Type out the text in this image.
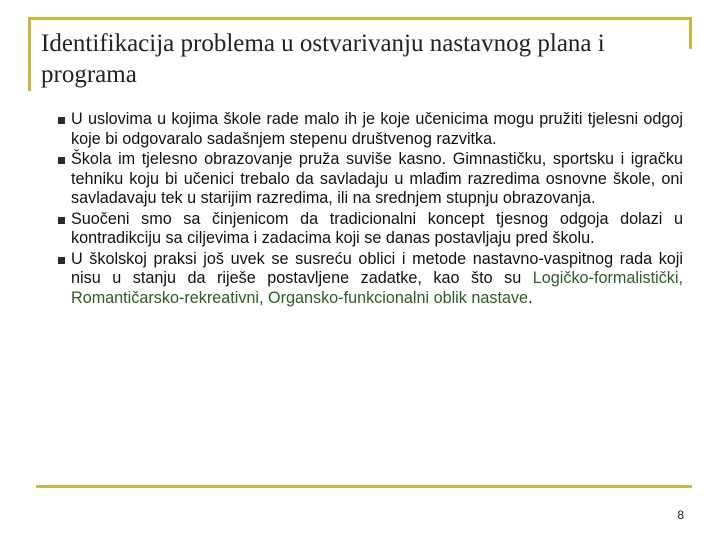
Identifikacija problema u ostvarivanju nastavnog plana i programa

U uslovima u kojima škole rade malo ih je koje učenicima mogu pružiti tjelesni odgoj koje bi odgovaralo sadašnjem stepenu društvenog razvitka.

Škola im tjelesno obrazovanje pruža suviše kasno. Gimnastičku, sportsku i igračku tehniku koju bi učenici trebalo da savladaju u mlađim razredima osnovne škole, oni savladavaju tek u starijim razredima, ili na srednjem stupnju obrazovanja.

Suočeni smo sa činjenicom da tradicionalni koncept tjesnog odgoja dolazi u kontradikciju sa ciljevima i zadacima koji se danas postavljaju pred školu.

U školskoj praksi još uvek se susreću oblici i metode nastavno-vaspitnog rada koji nisu u stanju da riješe postavljene zadatke, kao što su Logičko-formalistički, Romantičarsko-rekreativni, Organsko-funkcionalni oblik nastave.

8
